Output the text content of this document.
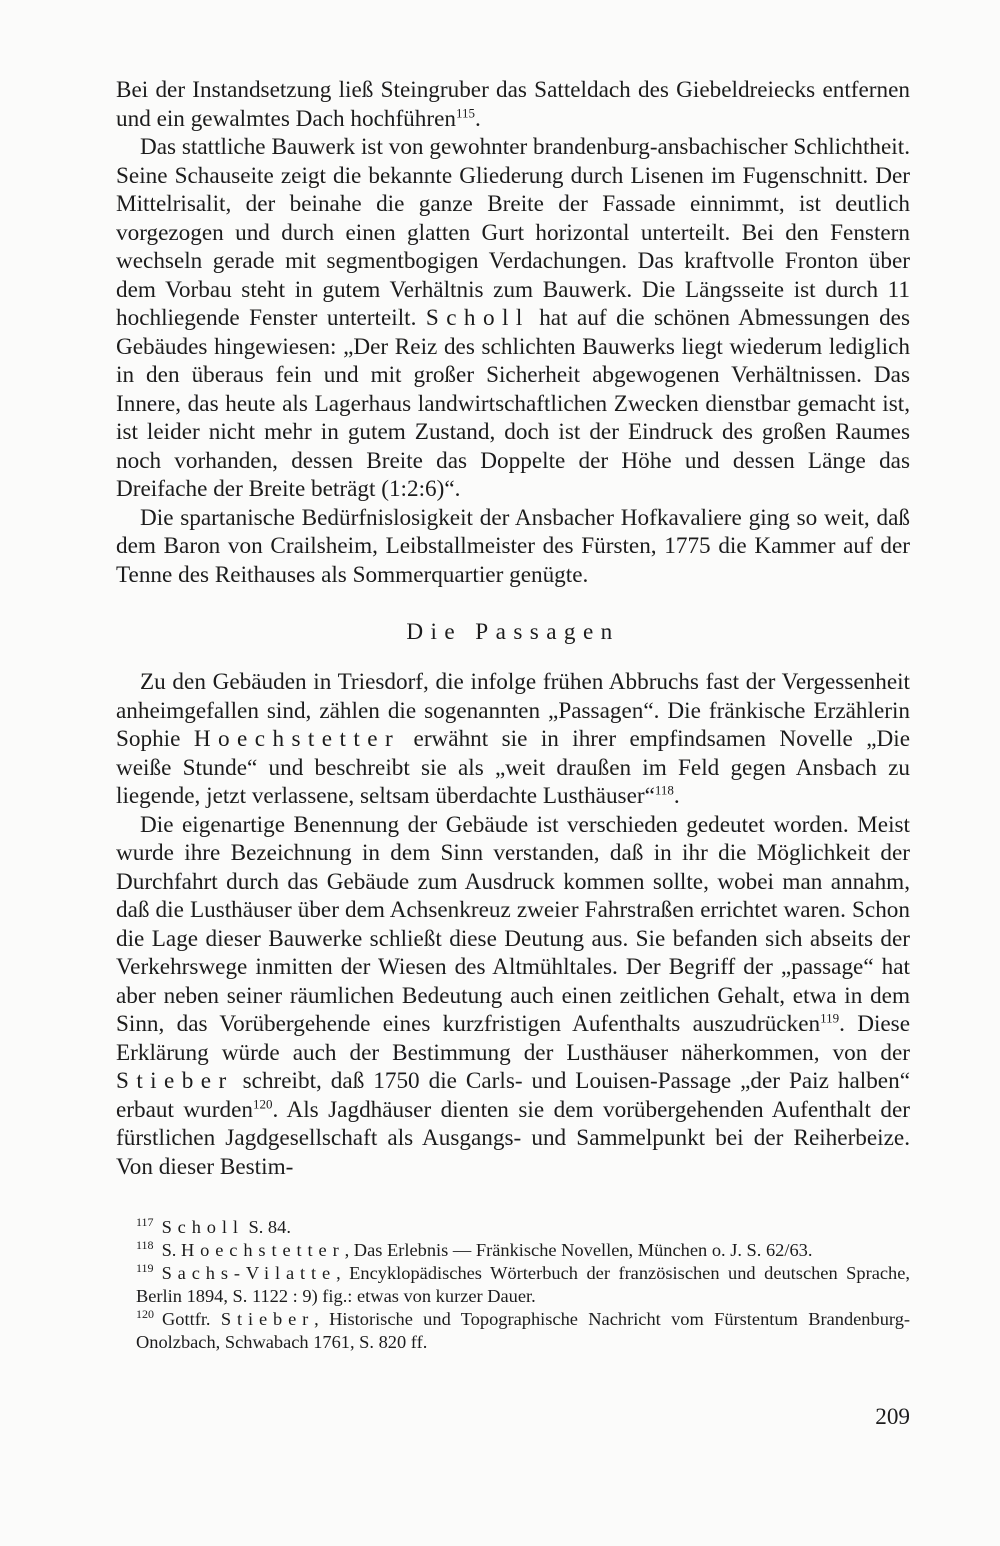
Bei der Instandsetzung ließ Steingruber das Satteldach des Giebeldreiecks entfernen und ein gewalmtes Dach hochführen$^{115}$.

Das stattliche Bauwerk ist von gewohnter brandenburg-ansbachischer Schlichtheit. Seine Schauseite zeigt die bekannte Gliederung durch Lisenen im Fugenschnitt. Der Mittelrisalit, der beinahe die ganze Breite der Fassade einnimmt, ist deutlich vorgezogen und durch einen glatten Gurt horizontal unterteilt. Bei den Fenstern wechseln gerade mit segmentbogigen Verdachungen. Das kraftvolle Fronton über dem Vorbau steht in gutem Verhältnis zum Bauwerk. Die Längsseite ist durch 11 hochliegende Fenster unterteilt. Scholl hat auf die schönen Abmessungen des Gebäudes hingewiesen: „Der Reiz des schlichten Bauwerks liegt wiederum lediglich in den überaus fein und mit großer Sicherheit abgewogenen Verhältnissen. Das Innere, das heute als Lagerhaus landwirtschaftlichen Zwecken dienstbar gemacht ist, ist leider nicht mehr in gutem Zustand, doch ist der Eindruck des großen Raumes noch vorhanden, dessen Breite das Doppelte der Höhe und dessen Länge das Dreifache der Breite beträgt (1:2:6)“.

Die spartanische Bedürfnislosigkeit der Ansbacher Hofkavaliere ging so weit, daß dem Baron von Crailsheim, Leibstallmeister des Fürsten, 1775 die Kammer auf der Tenne des Reithauses als Sommerquartier genügte.

Die Passagen

Zu den Gebäuden in Triesdorf, die infolge frühen Abbruchs fast der Vergessenheit anheimgefallen sind, zählen die sogenannten „Passagen“. Die fränkische Erzählerin Sophie Hoechstetter erwähnt sie in ihrer empfindsamen Novelle „Die weiße Stunde“ und beschreibt sie als „weit draußen im Feld gegen Ansbach zu liegende, jetzt verlassene, seltsam überdachte Lusthäuser“$^{118}$.

Die eigenartige Benennung der Gebäude ist verschieden gedeutet worden. Meist wurde ihre Bezeichnung in dem Sinn verstanden, daß in ihr die Möglichkeit der Durchfahrt durch das Gebäude zum Ausdruck kommen sollte, wobei man annahm, daß die Lusthäuser über dem Achsenkreuz zweier Fahrstraßen errichtet waren. Schon die Lage dieser Bauwerke schließt diese Deutung aus. Sie befanden sich abseits der Verkehrswege inmitten der Wiesen des Altmühltales. Der Begriff der „passage“ hat aber neben seiner räumlichen Bedeutung auch einen zeitlichen Gehalt, etwa in dem Sinn, das Vorübergehende eines kurzfristigen Aufenthalts auszudrücken$^{119}$. Diese Erklärung würde auch der Bestimmung der Lusthäuser näherkommen, von der Stieber schreibt, daß 1750 die Carls- und Louisen-Passage „der Paiz halben“ erbaut wurden$^{120}$. Als Jagdhäuser dienten sie dem vorübergehenden Aufenthalt der fürstlichen Jagdgesellschaft als Ausgangs- und Sammelpunkt bei der Reiherbeize. Von dieser Bestim-

$^{117}$ Scholl S. 84.

$^{118}$ S. Hoechstetter, Das Erlebnis — Fränkische Novellen, München o. J. S. 62/63.

$^{119}$ Sachs-Vilatte, Encyklopädisches Wörterbuch der französischen und deutschen Sprache, Berlin 1894, S. 1122 : 9) fig.: etwas von kurzer Dauer.

$^{120}$ Gottfr. Stieber, Historische und Topographische Nachricht vom Fürstentum Brandenburg-Onolzbach, Schwabach 1761, S. 820 ff.

209
